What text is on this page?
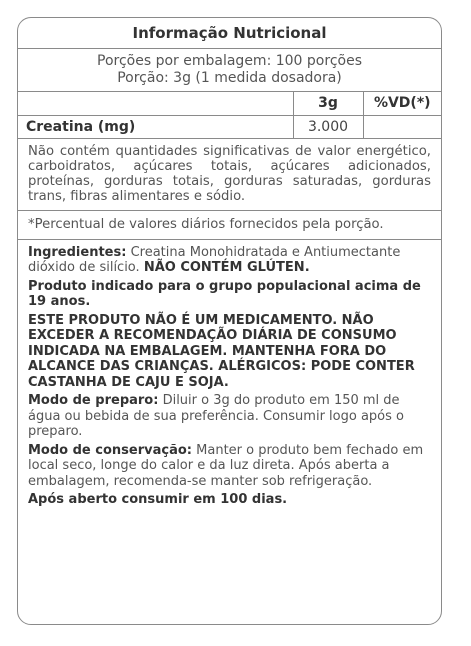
Informação Nutricional
Porções por embalagem: 100 porções
Porção: 3g (1 medida dosadora)
	3g	%VD(*)
Creatina (mg)	3.000	
Não contém quantidades significativas de valor energético, carboidratos, açúcares totais, açúcares adicionados, proteínas, gorduras totais, gorduras saturadas, gorduras trans, fibras alimentares e sódio.
*Percentual de valores diários fornecidos pela porção.

Ingredientes: Creatina Monohidratada e Antiumectante dióxido de silício. NÃO CONTÉM GLÚTEN.

Produto indicado para o grupo populacional acima de 19 anos.

ESTE PRODUTO NÃO É UM MEDICAMENTO. NÃO EXCEDER A RECOMENDAÇÃO DIÁRIA DE CONSUMO INDICADA NA EMBALAGEM. MANTENHA FORA DO ALCANCE DAS CRIANÇAS. ALÉRGICOS: PODE CONTER CASTANHA DE CAJU E SOJA.

Modo de preparo: Diluir o 3g do produto em 150 ml de água ou bebida de sua preferência. Consumir logo após o preparo.

Modo de conservação: Manter o produto bem fechado em local seco, longe do calor e da luz direta. Após aberta a embalagem, recomenda-se manter sob refrigeração.

Após aberto consumir em 100 dias.
